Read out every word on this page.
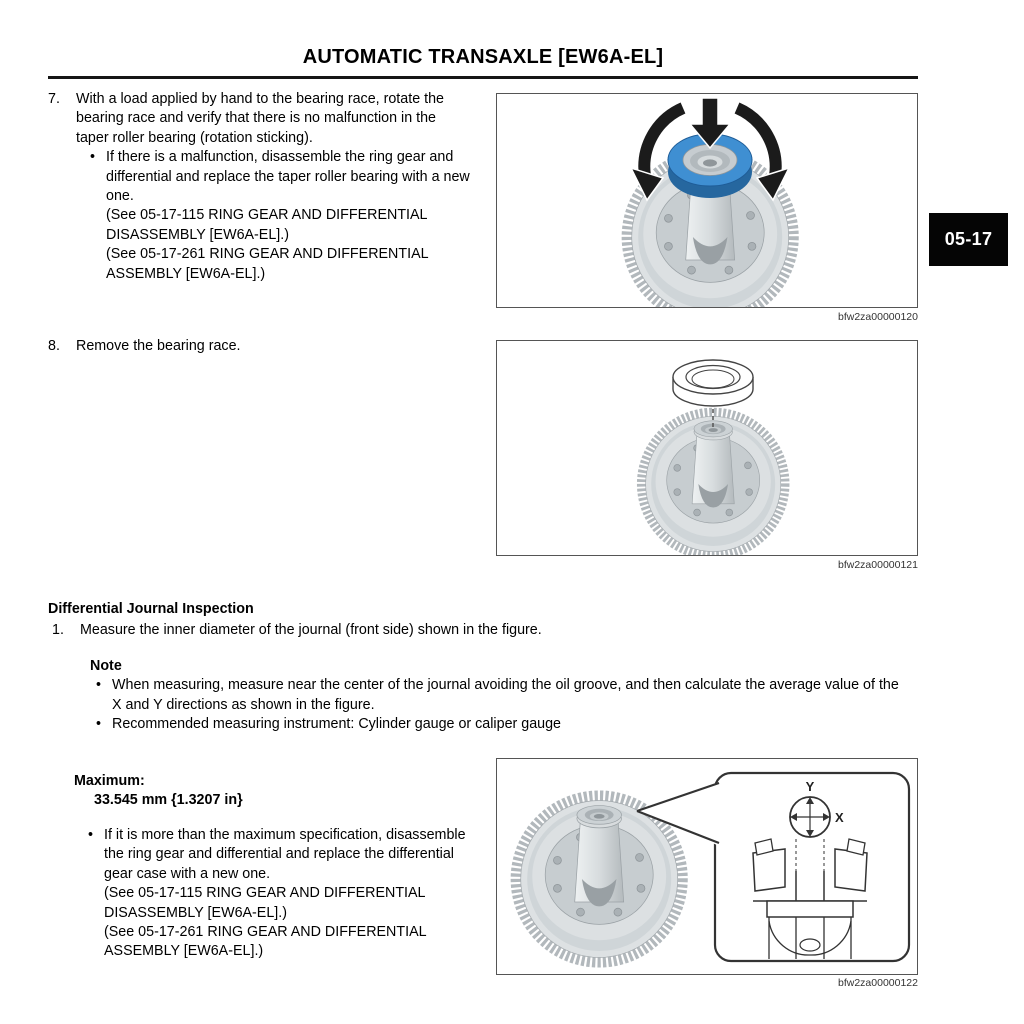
AUTOMATIC TRANSAXLE [EW6A-EL]
05-17
7.	With a load applied by hand to the bearing race, rotate the bearing race and verify that there is no malfunction in the taper roller bearing (rotation sticking).
•
If there is a malfunction, disassemble the ring gear and differential and replace the taper roller bearing with a new one.
(See 05-17-115 RING GEAR AND DIFFERENTIAL DISASSEMBLY [EW6A-EL].)
(See 05-17-261 RING GEAR AND DIFFERENTIAL ASSEMBLY [EW6A-EL].)
bfw2za00000120
8.	Remove the bearing race.
bfw2za00000121
Differential Journal Inspection
1.	Measure the inner diameter of the journal (front side) shown in the figure.
Note
•
When measuring, measure near the center of the journal avoiding the oil groove, and then calculate the average value of the X and Y directions as shown in the figure.
•
Recommended measuring instrument: Cylinder gauge or caliper gauge
Maximum:
33.545 mm {1.3207 in}
•
If it is more than the maximum specification, disassemble the ring gear and differential and replace the differential gear case with a new one.
(See 05-17-115 RING GEAR AND DIFFERENTIAL DISASSEMBLY [EW6A-EL].)
(See 05-17-261 RING GEAR AND DIFFERENTIAL ASSEMBLY [EW6A-EL].)
Y
X
bfw2za00000122
